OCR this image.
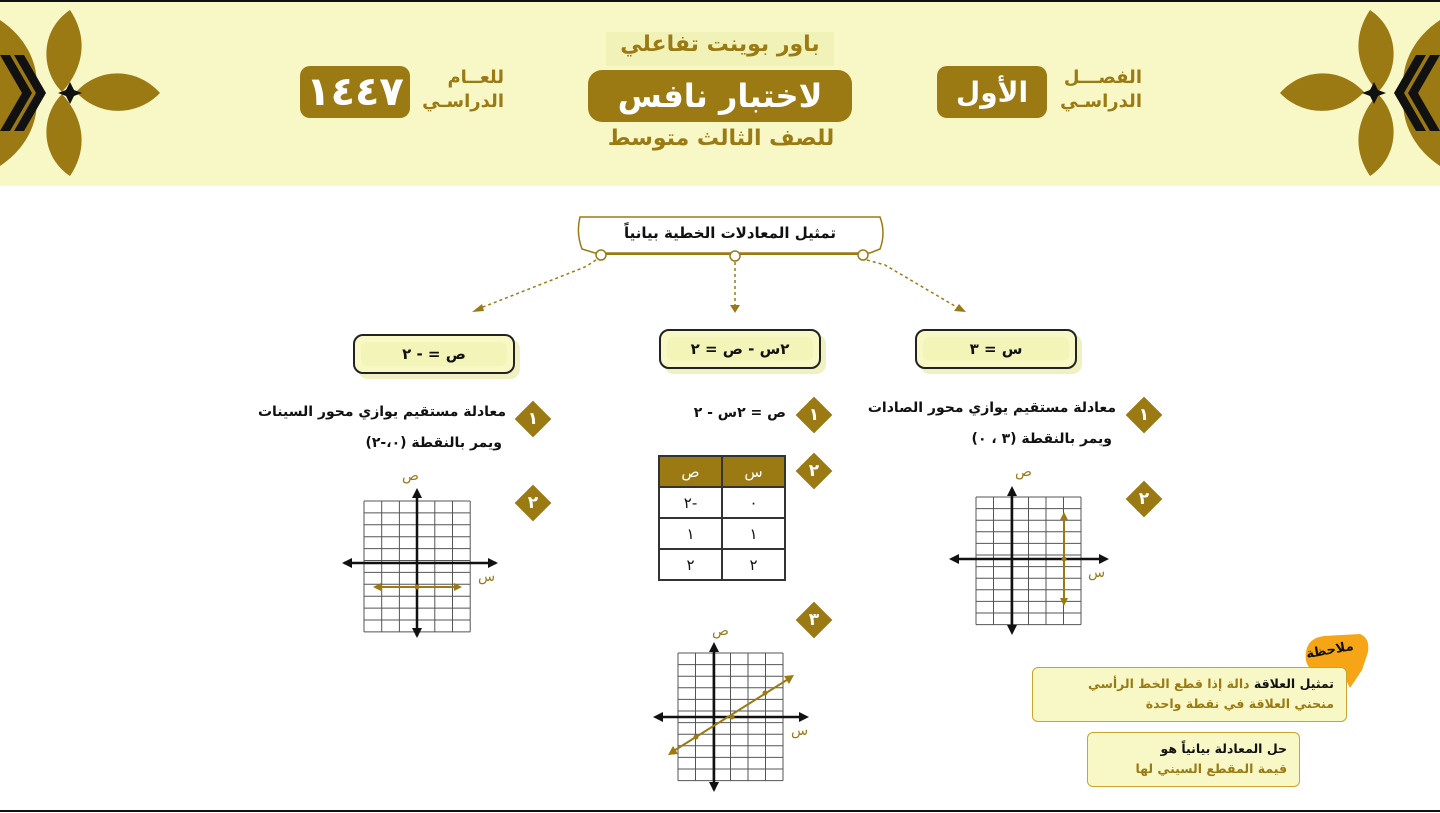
١٤٤٧	للعــام
الدراسـي
باور بوينت تفاعلي
لاختبار نافس
للصف الثالث متوسط
الأول	الفصـــل
الدراسـي
تمثيل المعادلات الخطية بيانياً
ص = - ٢	٢س - ص = ٢	س = ٣
١
معادلة مستقيم يوازي محور السينات
ويمر بالنقطة (٠،-٢)
٢
ص
س
١
ص = ٢س - ٢
٢
س	ص
٠	-٢
١	١
٢	٢
٣
ص
س
١
معادلة مستقيم يوازي محور الصادات
ويمر بالنقطة (٣ ، ٠)
٢
ص
س
ملاحظة
تمثيل العلاقة دالة إذا قطع الخط الرأسي
منحني العلاقة في نقطة واحدة
حل المعادلة بيانياً هو
قيمة المقطع السيني لها
